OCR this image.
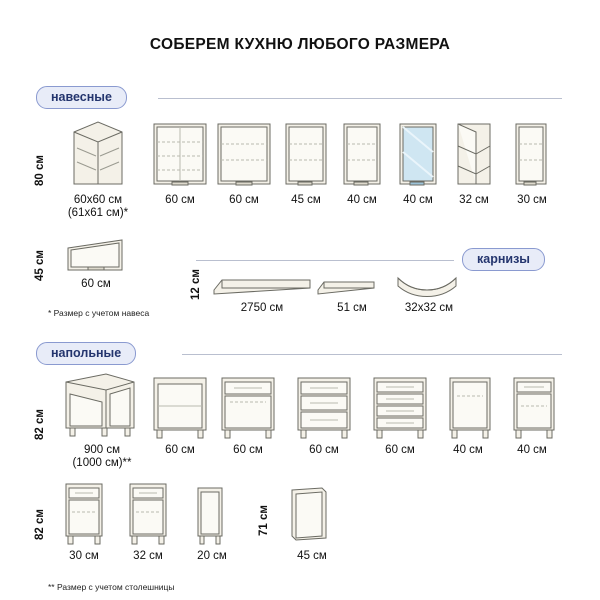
СОБЕРЕМ КУХНЮ ЛЮБОГО РАЗМЕРА
навесные
80 см
60x60 см
(61x61 см)*
60 см	60 см	45 см	40 см	40 см	32 см	30 см
45 см
60 см
* Размер с учетом навеса
карнизы
12 см
2750 см	51 см	32x32 см
напольные
82 см
900 см
(1000 см)**
60 см	60 см	60 см	60 см	40 см	40 см
82 см
30 см	32 см	20 см
71 см
45 см
** Размер с учетом столешницы
